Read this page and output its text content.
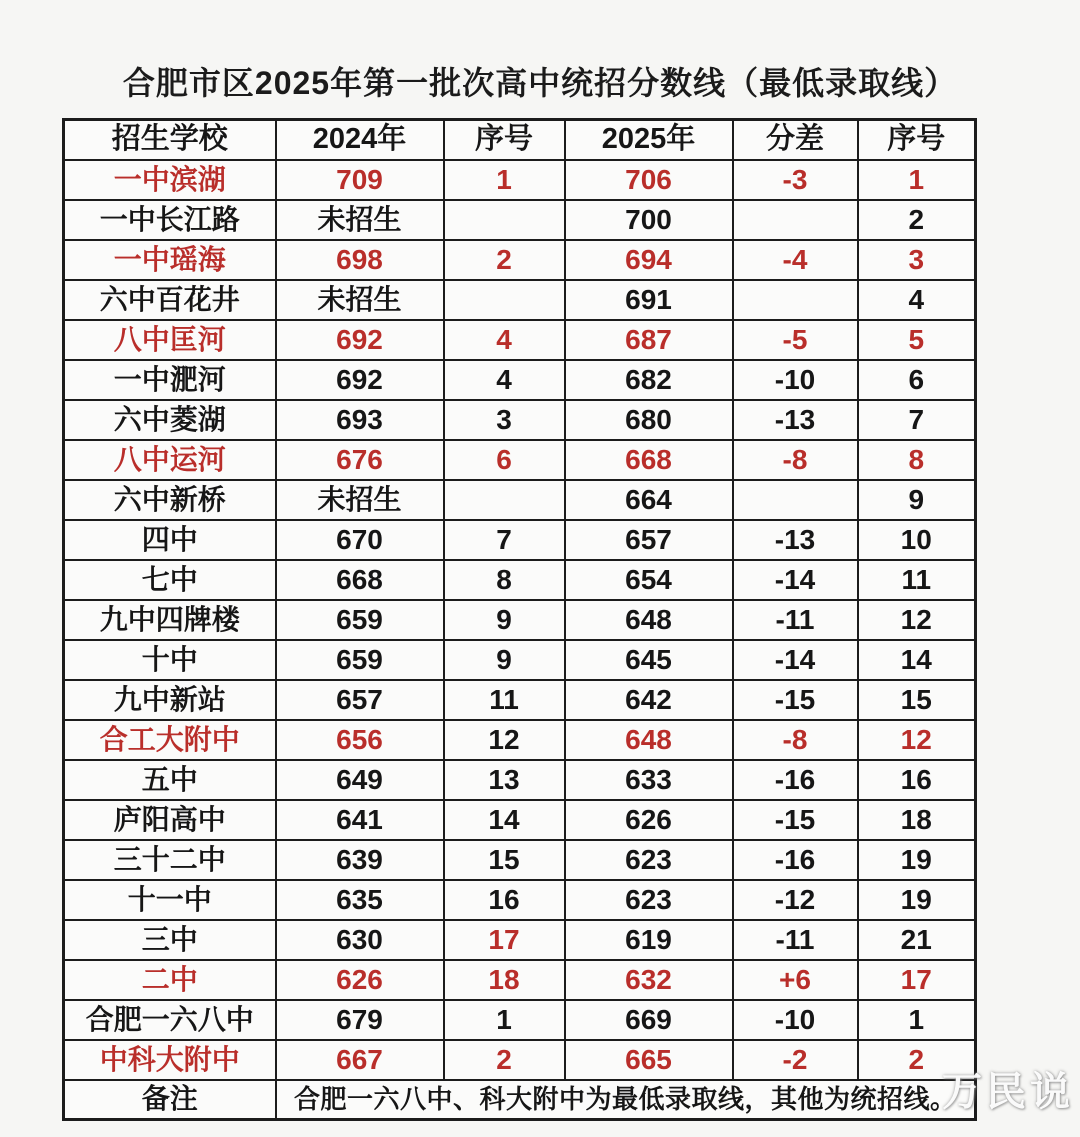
合肥市区2025年第一批次高中统招分数线（最低录取线）
招生学校	2024年	序号	2025年	分差	序号
一中滨湖	709	1	706	-3	1
一中长江路	未招生		700		2
一中瑶海	698	2	694	-4	3
六中百花井	未招生		691		4
八中匡河	692	4	687	-5	5
一中淝河	692	4	682	-10	6
六中菱湖	693	3	680	-13	7
八中运河	676	6	668	-8	8
六中新桥	未招生		664		9
四中	670	7	657	-13	10
七中	668	8	654	-14	11
九中四牌楼	659	9	648	-11	12
十中	659	9	645	-14	14
九中新站	657	11	642	-15	15
合工大附中	656	12	648	-8	12
五中	649	13	633	-16	16
庐阳高中	641	14	626	-15	18
三十二中	639	15	623	-16	19
十一中	635	16	623	-12	19
三中	630	17	619	-11	21
二中	626	18	632	+6	17
合肥一六八中	679	1	669	-10	1
中科大附中	667	2	665	-2	2
备注	合肥一六八中、科大附中为最低录取线，其他为统招线。				
万民说
